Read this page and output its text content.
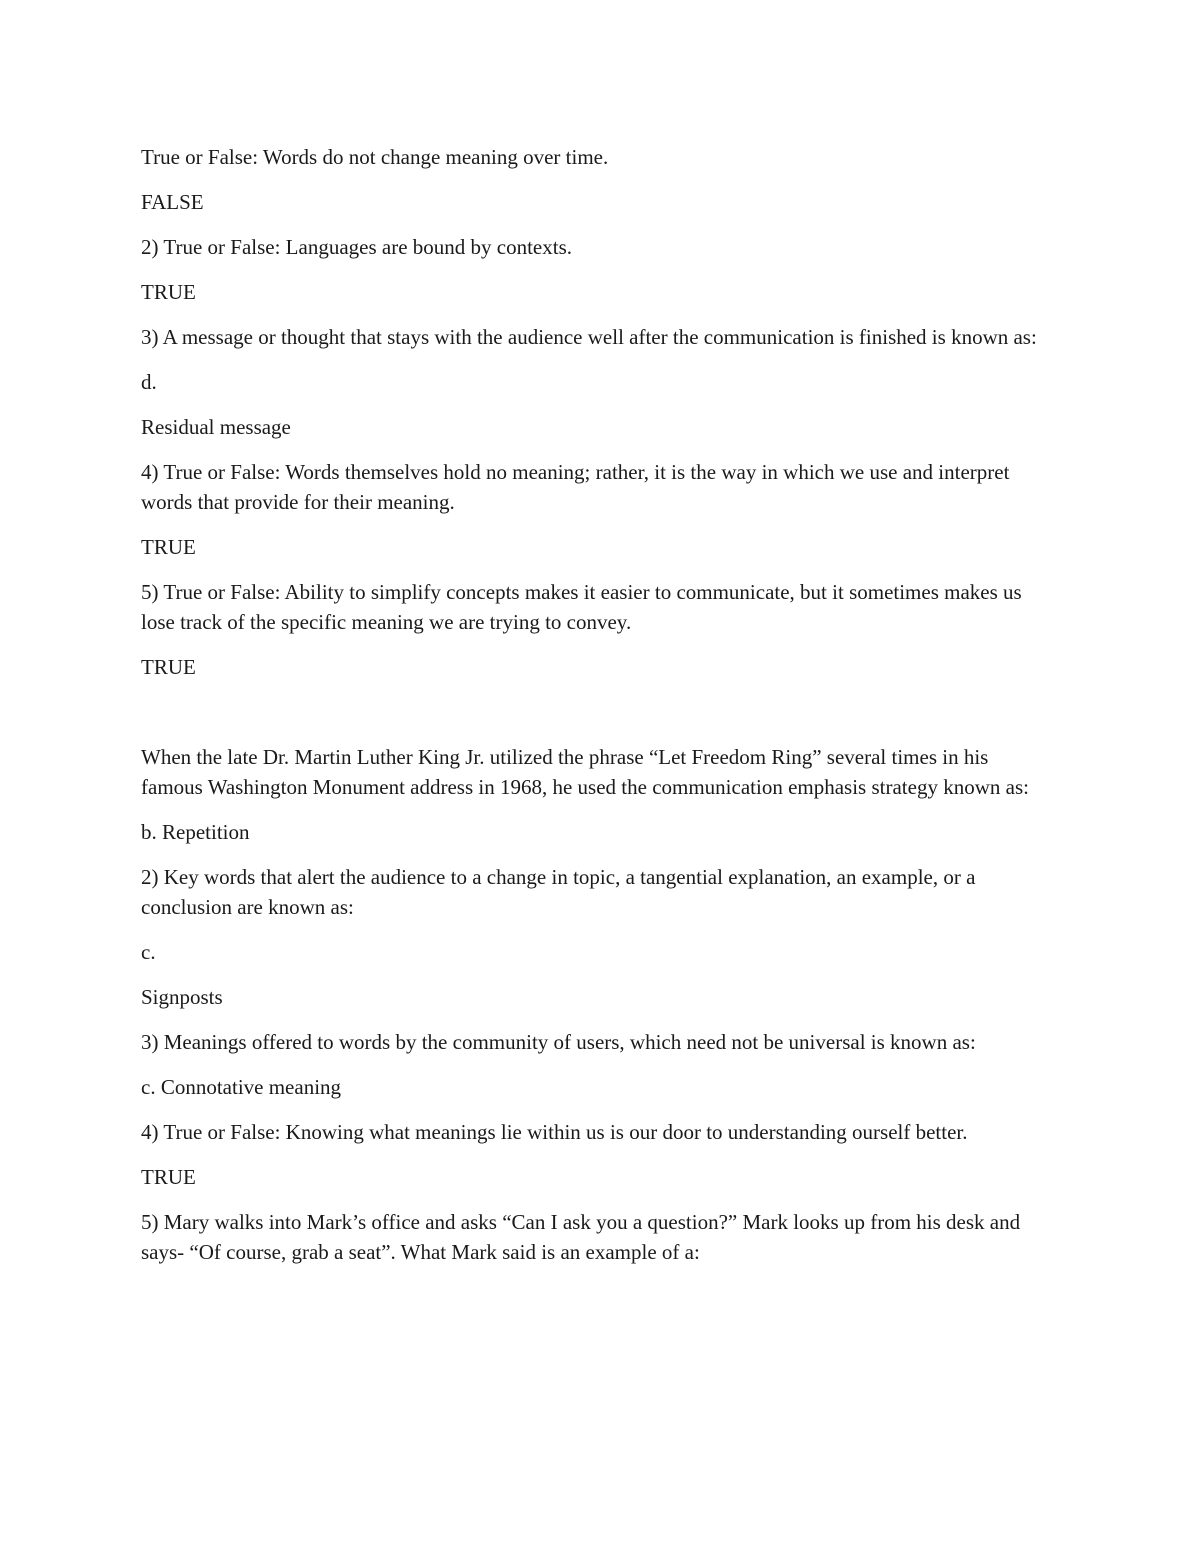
True or False: Words do not change meaning over time.

FALSE

2) True or False: Languages are bound by contexts.

TRUE

3) A message or thought that stays with the audience well after the communication is finished is known as:

d.

Residual message

4) True or False: Words themselves hold no meaning; rather, it is the way in which we use and interpret words that provide for their meaning.

TRUE

5) True or False: Ability to simplify concepts makes it easier to communicate, but it sometimes makes us lose track of the specific meaning we are trying to convey.

TRUE

When the late Dr. Martin Luther King Jr. utilized the phrase “Let Freedom Ring” several times in his famous Washington Monument address in 1968, he used the communication emphasis strategy known as:

b. Repetition

2) Key words that alert the audience to a change in topic, a tangential explanation, an example, or a conclusion are known as:

c.

Signposts

3) Meanings offered to words by the community of users, which need not be universal is known as:

c. Connotative meaning

4) True or False: Knowing what meanings lie within us is our door to understanding ourself better.

TRUE

5) Mary walks into Mark’s office and asks “Can I ask you a question?” Mark looks up from his desk and says- “Of course, grab a seat”. What Mark said is an example of a:
